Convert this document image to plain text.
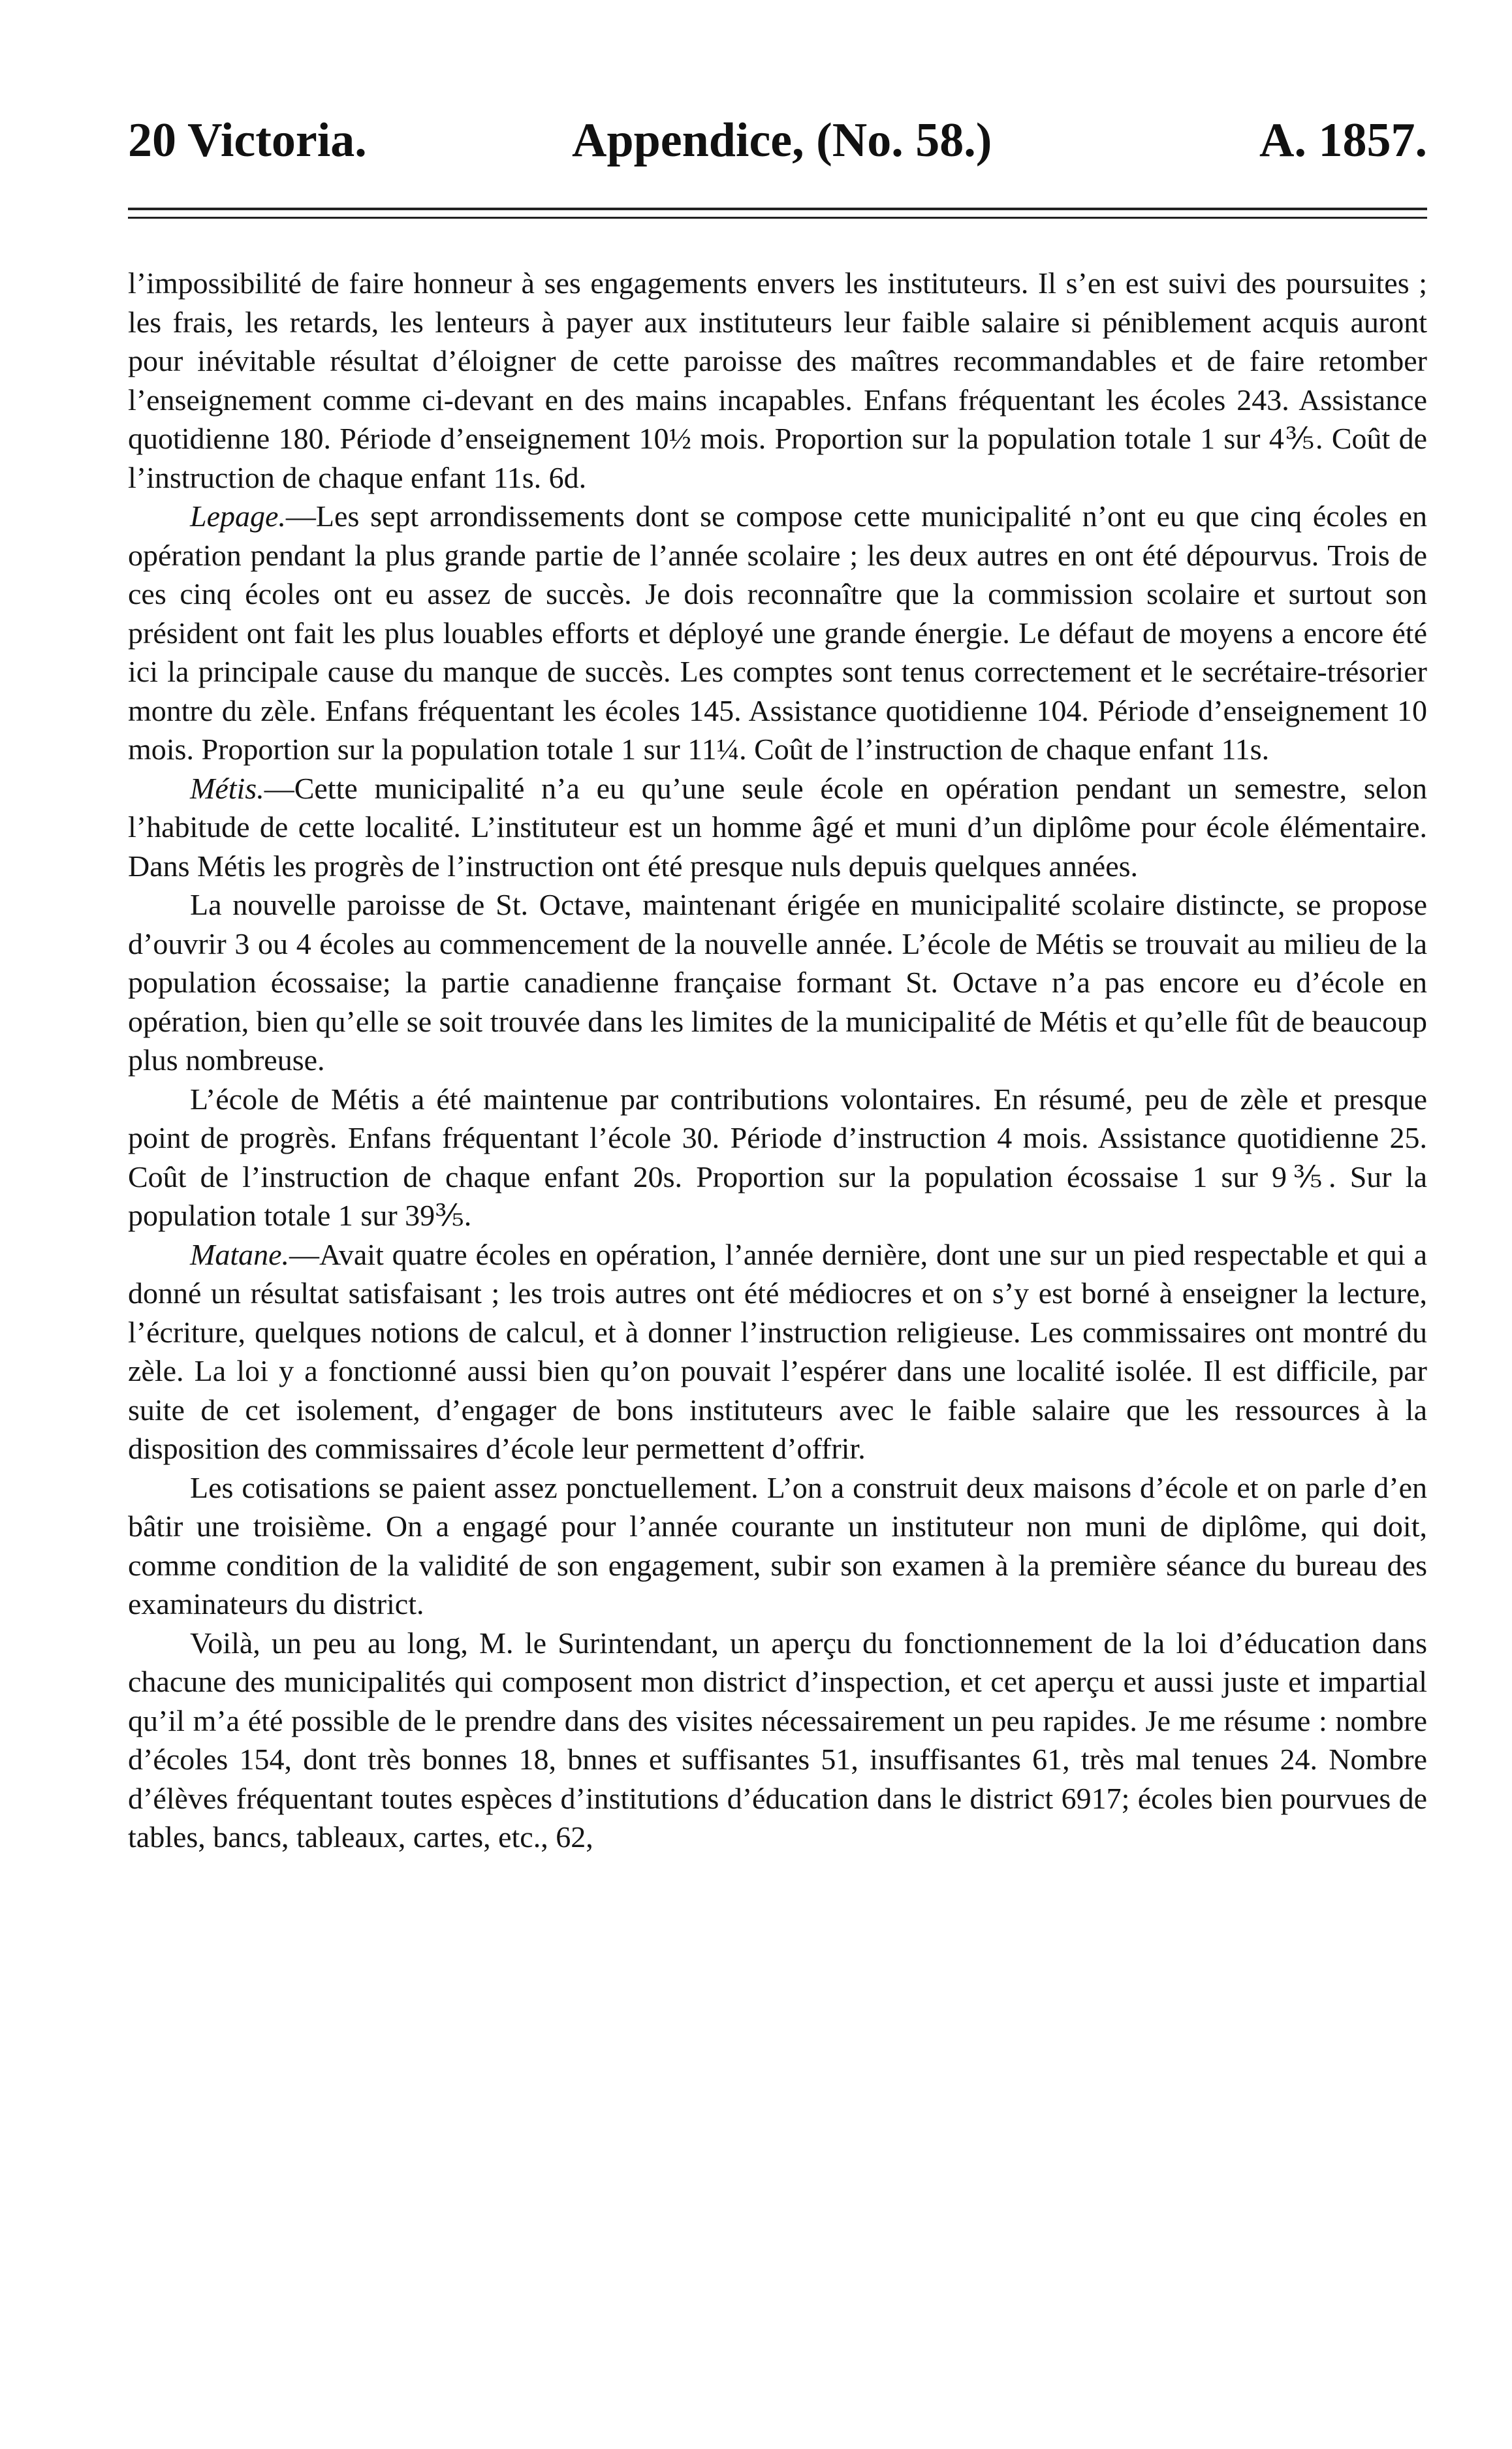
20 Victoria.	Appendice, (No. 58.)	A. 1857.

l’impossibilité de faire honneur à ses engagements envers les instituteurs. Il s’en est suivi des poursuites ; les frais, les retards, les lenteurs à payer aux instituteurs leur faible salaire si péniblement acquis auront pour inévitable résultat d’éloigner de cette paroisse des maîtres recommandables et de faire retomber l’enseignement comme ci-devant en des mains incapables. Enfans fréquentant les écoles 243. Assistance quotidienne 180. Période d’enseignement 10½ mois. Proportion sur la population totale 1 sur 4⅗. Coût de l’instruction de chaque enfant 11s. 6d.

Lepage.—Les sept arrondissements dont se compose cette municipalité n’ont eu que cinq écoles en opération pendant la plus grande partie de l’année scolaire ; les deux autres en ont été dépourvus. Trois de ces cinq écoles ont eu assez de succès. Je dois reconnaître que la commission scolaire et surtout son président ont fait les plus louables efforts et déployé une grande énergie. Le défaut de moyens a encore été ici la principale cause du manque de succès. Les comptes sont tenus correctement et le secrétaire-trésorier montre du zèle. Enfans fréquentant les écoles 145. Assistance quotidienne 104. Période d’enseignement 10 mois. Proportion sur la population totale 1 sur 11¼. Coût de l’instruction de chaque enfant 11s.

Métis.—Cette municipalité n’a eu qu’une seule école en opération pendant un semestre, selon l’habitude de cette localité. L’instituteur est un homme âgé et muni d’un diplôme pour école élémentaire. Dans Métis les progrès de l’instruction ont été presque nuls depuis quelques années.

La nouvelle paroisse de St. Octave, maintenant érigée en municipalité scolaire distincte, se propose d’ouvrir 3 ou 4 écoles au commencement de la nouvelle année. L’école de Métis se trouvait au milieu de la population écossaise; la partie canadienne française formant St. Octave n’a pas encore eu d’école en opération, bien qu’elle se soit trouvée dans les limites de la municipalité de Métis et qu’elle fût de beaucoup plus nombreuse.

L’école de Métis a été maintenue par contributions volontaires. En résumé, peu de zèle et presque point de progrès. Enfans fréquentant l’école 30. Période d’instruction 4 mois. Assistance quotidienne 25. Coût de l’instruction de chaque enfant 20s. Proportion sur la population écossaise 1 sur 9⅗. Sur la population totale 1 sur 39⅗.

Matane.—Avait quatre écoles en opération, l’année dernière, dont une sur un pied respectable et qui a donné un résultat satisfaisant ; les trois autres ont été médiocres et on s’y est borné à enseigner la lecture, l’écriture, quelques notions de calcul, et à donner l’instruction religieuse. Les commissaires ont montré du zèle. La loi y a fonctionné aussi bien qu’on pouvait l’espérer dans une localité isolée. Il est difficile, par suite de cet isolement, d’engager de bons instituteurs avec le faible salaire que les ressources à la disposition des commissaires d’école leur permettent d’offrir.

Les cotisations se paient assez ponctuellement. L’on a construit deux maisons d’école et on parle d’en bâtir une troisième. On a engagé pour l’année courante un instituteur non muni de diplôme, qui doit, comme condition de la validité de son engagement, subir son examen à la première séance du bureau des examinateurs du district.

Voilà, un peu au long, M. le Surintendant, un aperçu du fonctionnement de la loi d’éducation dans chacune des municipalités qui composent mon district d’inspection, et cet aperçu et aussi juste et impartial qu’il m’a été possible de le prendre dans des visites nécessairement un peu rapides. Je me résume : nombre d’écoles 154, dont très bonnes 18, bnnes et suffisantes 51, insuffisantes 61, très mal tenues 24. Nombre d’élèves fréquentant toutes espèces d’institutions d’éducation dans le district 6917; écoles bien pourvues de tables, bancs, tableaux, cartes, etc., 62,
